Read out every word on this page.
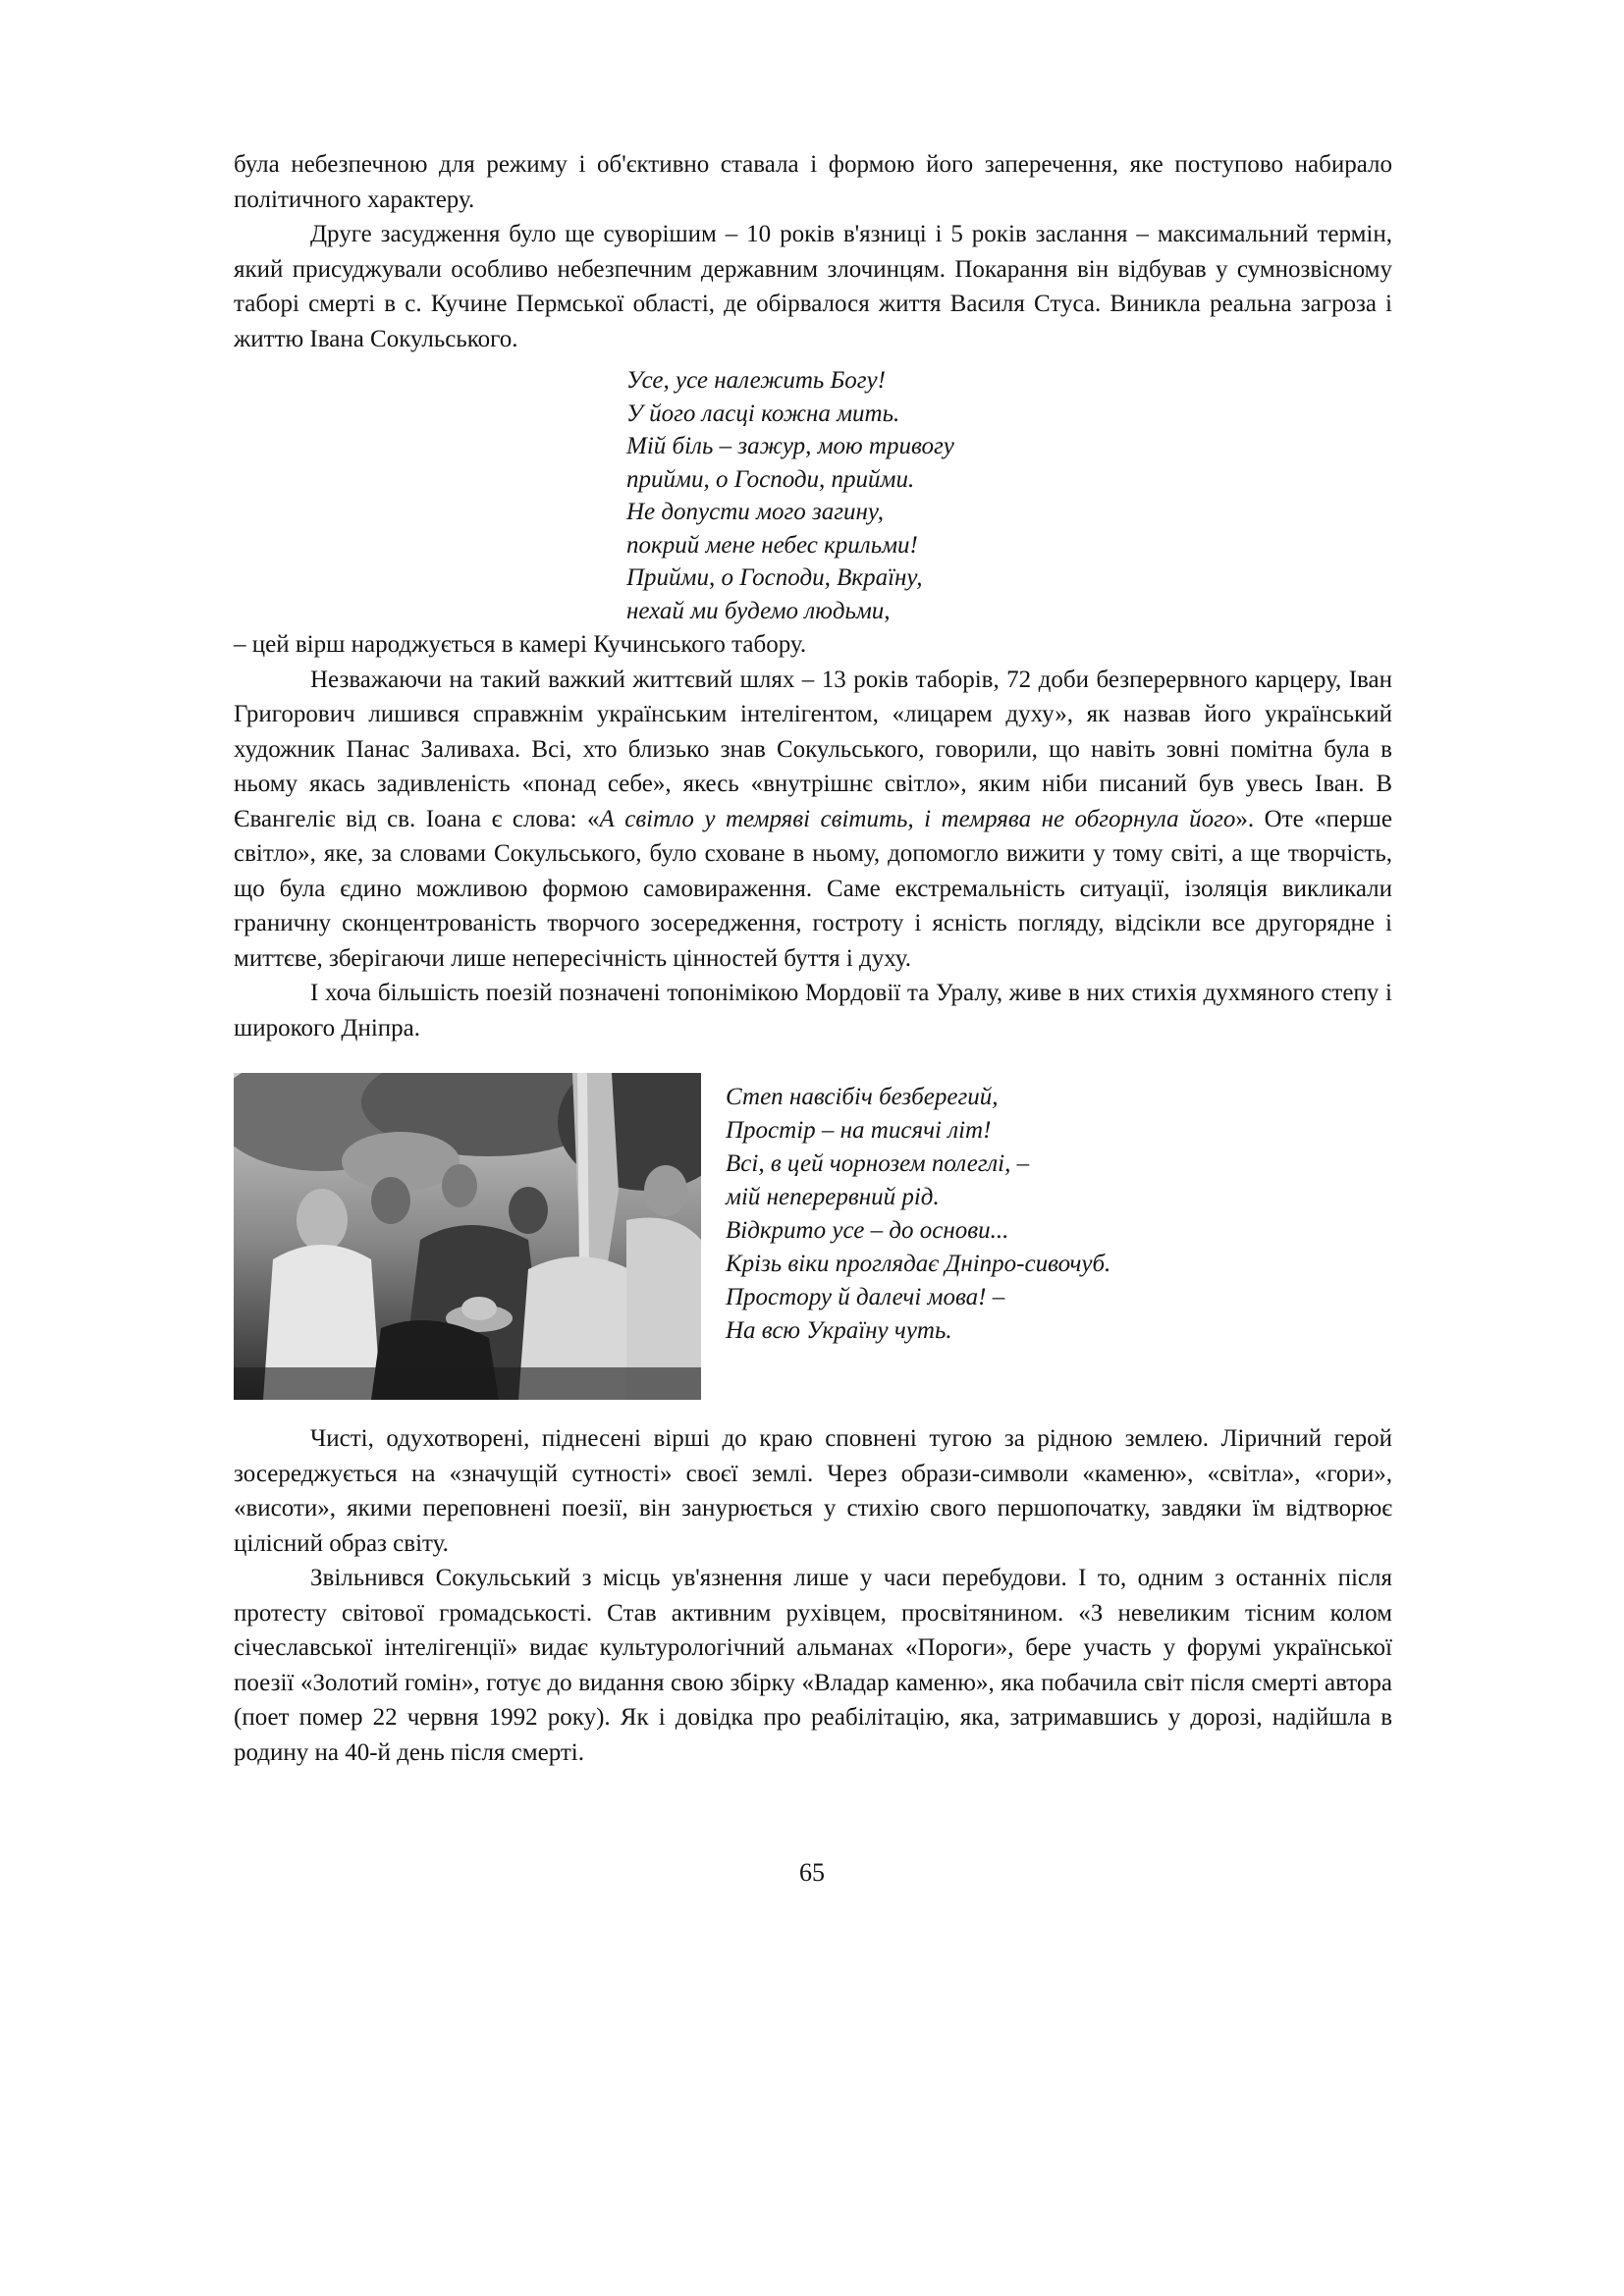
була небезпечною для режиму і об'єктивно ставала і формою його заперечення, яке поступово набирало політичного характеру.

Друге засудження було ще суворішим – 10 років в'язниці і 5 років заслання – максимальний термін, який присуджували особливо небезпечним державним злочинцям. Покарання він відбував у сумнозвісному таборі смерті в с. Кучине Пермської області, де обірвалося життя Василя Стуса. Виникла реальна загроза і життю Івана Сокульського.

Усе, усе належить Богу!
У його ласці кожна мить.
Мій біль – зажур, мою тривогу
прийми, о Господи, прийми.
Не допусти мого загину,
покрий мене небес крильми!
Прийми, о Господи, Вкраїну,
нехай ми будемо людьми,

– цей вірш народжується в камері Кучинського табору.

Незважаючи на такий важкий життєвий шлях – 13 років таборів, 72 доби безперервного карцеру, Іван Григорович лишився справжнім українським інтелігентом, «лицарем духу», як назвав його український художник Панас Заливаха. Всі, хто близько знав Сокульського, говорили, що навіть зовні помітна була в ньому якась задивленість «понад себе», якесь «внутрішнє світло», яким ніби писаний був увесь Іван. В Євангеліє від св. Іоана є слова: «А світло у темряві світить, і темрява не обгорнула його». Оте «перше світло», яке, за словами Сокульського, було сховане в ньому, допомогло вижити у тому світі, а ще творчість, що була єдино можливою формою самовираження. Саме екстремальність ситуації, ізоляція викликали граничну сконцентрованість творчого зосередження, гостроту і ясність погляду, відсікли все другорядне і миттєве, зберігаючи лише непересічність цінностей буття і духу.

І хоча більшість поезій позначені топонімікою Мордовії та Уралу, живе в них стихія духмяного степу і широкого Дніпра.

Степ навсібіч безберегий,
Простір – на тисячі літ!
Всі, в цей чорнозем полеглі, –
мій неперервний рід.
Відкрито усе – до основи...
Крізь віки проглядає Дніпро-сивочуб.
Простору й далечі мова! –
На всю Україну чуть.

Чисті, одухотворені, піднесені вірші до краю сповнені тугою за рідною землею. Ліричний герой зосереджується на «значущій сутності» своєї землі. Через образи-символи «каменю», «світла», «гори», «висоти», якими переповнені поезії, він занурюється у стихію свого першопочатку, завдяки їм відтворює цілісний образ світу.

Звільнився Сокульський з місць ув'язнення лише у часи перебудови. І то, одним з останніх після протесту світової громадськості. Став активним рухівцем, просвітянином. «З невеликим тісним колом січеславської інтелігенції» видає культурологічний альманах «Пороги», бере участь у форумі української поезії «Золотий гомін», готує до видання свою збірку «Владар каменю», яка побачила світ після смерті автора (поет помер 22 червня 1992 року). Як і довідка про реабілітацію, яка, затримавшись у дорозі, надійшла в родину на 40-й день після смерті.

65
